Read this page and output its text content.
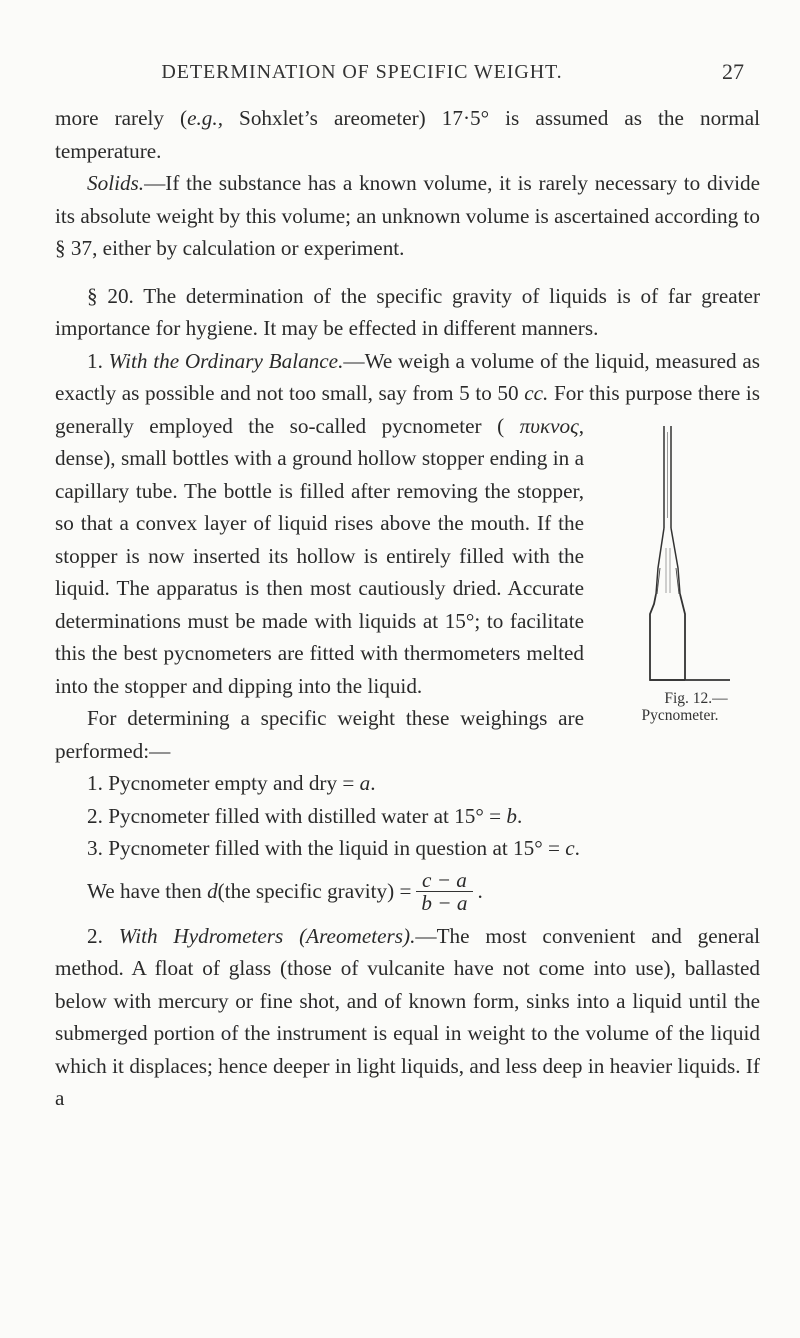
DETERMINATION OF SPECIFIC WEIGHT.	27

more rarely (e.g., Sohxlet’s areometer) 17·5° is assumed as the normal temperature.

Solids.—If the substance has a known volume, it is rarely necessary to divide its absolute weight by this volume; an unknown volume is ascertained according to § 37, either by calculation or experiment.

§ 20. The determination of the specific gravity of liquids is of far greater importance for hygiene. It may be effected in different manners.

1. With the Ordinary Balance.—We weigh a volume of the liquid, measured as exactly as possible and not too small, say from 5 to 50 cc. For this purpose there is generally employed the so-called pycnometer (
Fig. 12.—Pycnometer.
πυκνος, dense), small bottles with a ground hollow stopper ending in a capillary tube. The bottle is filled after removing the stopper, so that a convex layer of liquid rises above the mouth. If the stopper is now inserted its hollow is entirely filled with the liquid. The apparatus is then most cautiously dried. Accurate determinations must be made with liquids at 15°; to facilitate this the best pycnometers are fitted with thermometers melted into the stopper and dipping into the liquid.

For determining a specific weight these weighings are performed:—

1. Pycnometer empty and dry = a.

2. Pycnometer filled with distilled water at 15° = b.

3. Pycnometer filled with the liquid in question at 15° = c.

We have then
d (the specific gravity) = $\frac{c - a}{b - a}$ .

2. With Hydrometers (Areometers).—The most convenient and general method. A float of glass (those of vulcanite have not come into use), ballasted below with mercury or fine shot, and of known form, sinks into a liquid until the submerged portion of the instrument is equal in weight to the volume of the liquid which it displaces; hence deeper in light liquids, and less deep in heavier liquids. If a
